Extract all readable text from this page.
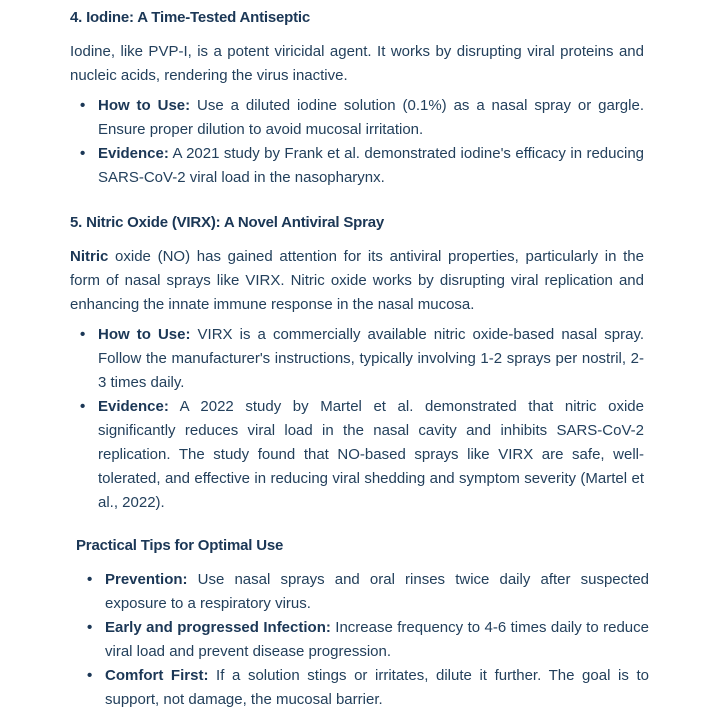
4. Iodine: A Time-Tested Antiseptic

Iodine, like PVP-I, is a potent viricidal agent. It works by disrupting viral proteins and nucleic acids, rendering the virus inactive.

• How to Use: Use a diluted iodine solution (0.1%) as a nasal spray or gargle. Ensure proper dilution to avoid mucosal irritation.
• Evidence: A 2021 study by Frank et al. demonstrated iodine's efficacy in reducing SARS-CoV-2 viral load in the nasopharynx.
5. Nitric Oxide (VIRX): A Novel Antiviral Spray

Nitric oxide (NO) has gained attention for its antiviral properties, particularly in the form of nasal sprays like VIRX. Nitric oxide works by disrupting viral replication and enhancing the innate immune response in the nasal mucosa.

• How to Use: VIRX is a commercially available nitric oxide-based nasal spray. Follow the manufacturer's instructions, typically involving 1-2 sprays per nostril, 2-3 times daily.
• Evidence: A 2022 study by Martel et al. demonstrated that nitric oxide significantly reduces viral load in the nasal cavity and inhibits SARS-CoV-2 replication. The study found that NO-based sprays like VIRX are safe, well-tolerated, and effective in reducing viral shedding and symptom severity (Martel et al., 2022).
Practical Tips for Optimal Use
• Prevention: Use nasal sprays and oral rinses twice daily after suspected exposure to a respiratory virus.
• Early and progressed Infection: Increase frequency to 4-6 times daily to reduce viral load and prevent disease progression.
• Comfort First: If a solution stings or irritates, dilute it further. The goal is to support, not damage, the mucosal barrier.
